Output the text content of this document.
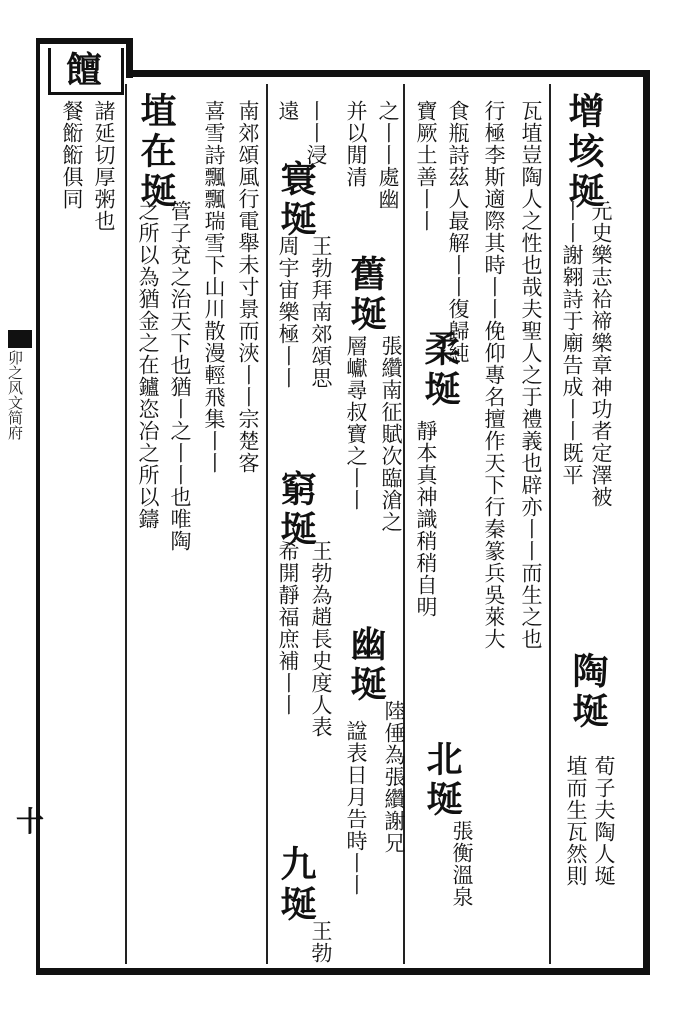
饘
卯之风文简府
十
增垓埏
元史樂志袷禘樂章神功者定澤被
丨丨謝翱詩于廟告成丨丨既平
陶埏
荀子夫陶人埏
埴而生瓦然則
瓦埴豈陶人之性也哉夫聖人之于禮義也辟亦丨丨而生之也
行極李斯適際其時丨丨俛仰專名擅作天下行秦篆兵吳萊大
食瓶詩茲人最解丨丨復歸純
柔埏
寶厥土善丨丨
靜本真神識稍稍自明
北埏
張衡溫泉
之丨丨處幽
舊埏
張纘南征賦次臨滄之
幽埏
陸倕為張纘謝兄
并以閒清
層巘尋叔寶之丨丨
諡表日月告時丨丨
丨丨浸
寰埏
王勃拜南郊頌思
窮埏
王勃為趙長史度人表
遠
周宇宙樂極丨丨
希開靜福庶補丨丨
九埏
王勃
南郊頌風行電舉未寸景而浹丨丨宗楚客
喜雪詩飄飄瑞雪下山川散漫輕飛集丨丨
埴在埏
管子兗之治天下也猶丨之丨丨也唯陶
之所以為猶金之在鑪恣冶之所以鑄
諸延切厚粥也
餐餰餰俱同
